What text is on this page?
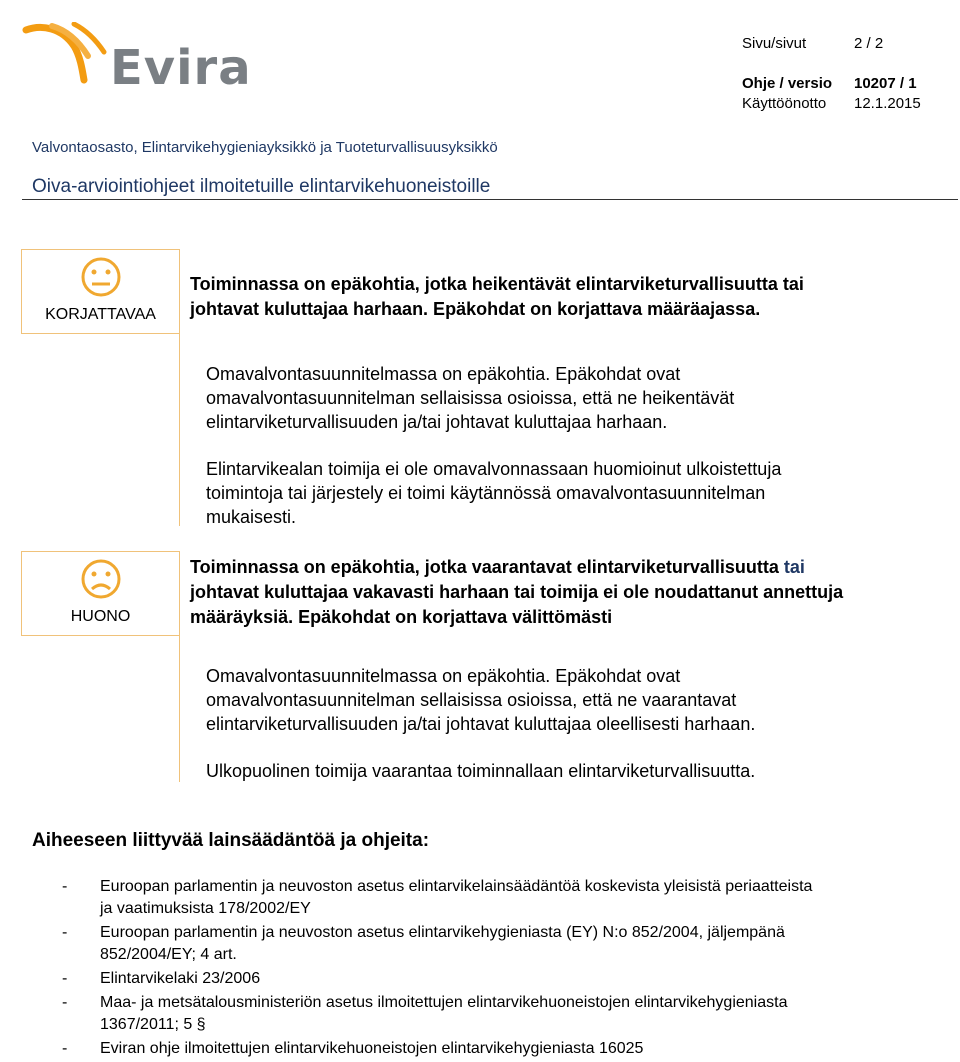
Evira	Sivu/sivut	2 / 2
Ohje / versio 10207 / 1
Käyttöönotto 12.1.2015
Valvontaosasto, Elintarvikehygieniayksikkö ja Tuoteturvallisuusyksikkö
Oiva-arviointiohjeet ilmoitetuille elintarvikehuoneistoille
KORJATTAVAA
Toiminnassa on epäkohtia, jotka heikentävät elintarviketurvallisuutta tai
johtavat kuluttajaa harhaan. Epäkohdat on korjattava määräajassa.
Omavalvontasuunnitelmassa on epäkohtia. Epäkohdat ovat
omavalvontasuunnitelman sellaisissa osioissa, että ne heikentävät
elintarviketurvallisuuden ja/tai johtavat kuluttajaa harhaan.
Elintarvikealan toimija ei ole omavalvonnassaan huomioinut ulkoistettuja
toimintoja tai järjestely ei toimi käytännössä omavalvontasuunnitelman
mukaisesti.
HUONO
Toiminnassa on epäkohtia, jotka vaarantavat elintarviketurvallisuutta tai
johtavat kuluttajaa vakavasti harhaan tai toimija ei ole noudattanut annettuja
määräyksiä. Epäkohdat on korjattava välittömästi
Omavalvontasuunnitelmassa on epäkohtia. Epäkohdat ovat
omavalvontasuunnitelman sellaisissa osioissa, että ne vaarantavat
elintarviketurvallisuuden ja/tai johtavat kuluttajaa oleellisesti harhaan.
Ulkopuolinen toimija vaarantaa toiminnallaan elintarviketurvallisuutta.
Aiheeseen liittyvää lainsäädäntöä ja ohjeita:
- Euroopan parlamentin ja neuvoston asetus elintarvikelainsäädäntöä koskevista yleisistä periaatteista
ja vaatimuksista 178/2002/EY
- Euroopan parlamentin ja neuvoston asetus elintarvikehygieniasta (EY) N:o 852/2004, jäljempänä
852/2004/EY; 4 art.
- Elintarvikelaki 23/2006
- Maa- ja metsätalousministeriön asetus ilmoitettujen elintarvikehuoneistojen elintarvikehygieniasta
1367/2011; 5 §
- Eviran ohje ilmoitettujen elintarvikehuoneistojen elintarvikehygieniasta 16025
